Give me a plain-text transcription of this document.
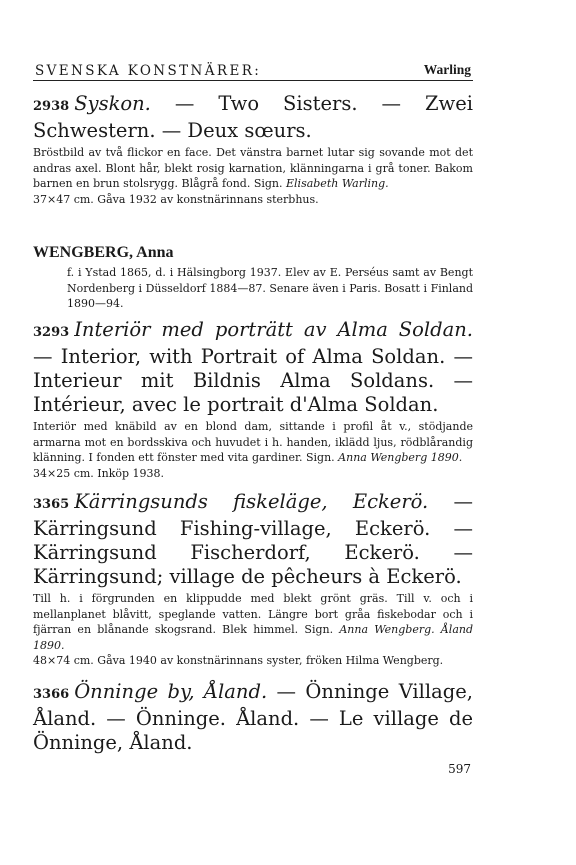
SVENSKA KONSTNÄRER:	Warling

2938 Syskon. — Two Sisters. — Zwei Schwestern. — Deux sœurs.

Bröstbild av två flickor en face. Det vänstra barnet lutar sig sovande mot det andras axel. Blont hår, blekt rosig karnation, klänningarna i grå toner. Bakom barnen en brun stolsrygg. Blågrå fond. Sign. Elisabeth Warling.

37×47 cm. Gåva 1932 av konstnärinnans sterbhus.

WENGBERG, Anna

f. i Ystad 1865, d. i Hälsingborg 1937. Elev av E. Perséus samt av Bengt Nordenberg i Düsseldorf 1884—87. Senare även i Paris. Bosatt i Finland 1890—94.

3293 Interiör med porträtt av Alma Soldan. — Interior, with Portrait of Alma Soldan. — Interieur mit Bildnis Alma Soldans. — Intérieur, avec le portrait d'Alma Soldan.

Interiör med knäbild av en blond dam, sittande i profil åt v., stödjande armarna mot en bordsskiva och huvudet i h. handen, iklädd ljus, rödblårandig klänning. I fonden ett fönster med vita gardiner. Sign. Anna Wengberg 1890.

34×25 cm. Inköp 1938.

3365 Kärringsunds fiskeläge, Eckerö. — Kärringsund Fishing-village, Eckerö. — Kärringsund Fischerdorf, Eckerö. — Kärringsund; village de pêcheurs à Eckerö.

Till h. i förgrunden en klippudde med blekt grönt gräs. Till v. och i mellanplanet blåvitt, speglande vatten. Längre bort gråa fiskebodar och i fjärran en blånande skogsrand. Blek himmel. Sign. Anna Wengberg. Åland 1890.

48×74 cm. Gåva 1940 av konstnärinnans syster, fröken Hilma Wengberg.

3366 Önninge by, Åland. — Önninge Village, Åland. — Önninge. Åland. — Le village de Önninge, Åland.

597
